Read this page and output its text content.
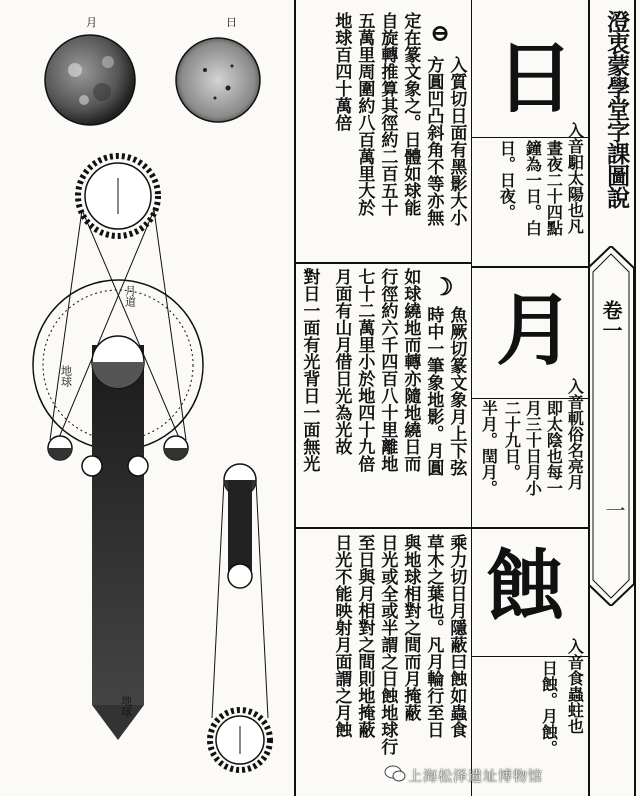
澄衷蒙學堂字課圖說
卷一
一
日
月
蝕
入音馹太陽也凡
晝夜二十四點
鐘為一日。白
日。日夜。
入音軏俗名亮月
即太陰也每一
月三十日月小
二十九日。
半月。閏月。
入音食蟲蛀也
日蝕。月蝕。
⊖
入質切日面有黑影大小
方圓凹凸斜角不等亦無
定在篆文象之。日體如球能
自旋轉推算其徑約二百五十
五萬里周圍約八百萬里大於
地球百四十萬倍
☽
魚厥切篆文象月上下弦
時中一筆象地影。月圓
如球繞地而轉亦隨地繞日而
行徑約六千四百八十里離地
七十二萬里小於地四十九倍
月面有山月借日光為光故
對日一面有光背日一面無光
乘力切日月隱蔽曰蝕如蟲食
草木之葉也。凡月輪行至日
與地球相對之間而月掩蔽
日光或全或半謂之日蝕地球行
至日與月相對之間則地掩蔽
日光不能映射月面謂之月蝕
月	日
月道
地球
地球
上海松泽遗址博物馆
